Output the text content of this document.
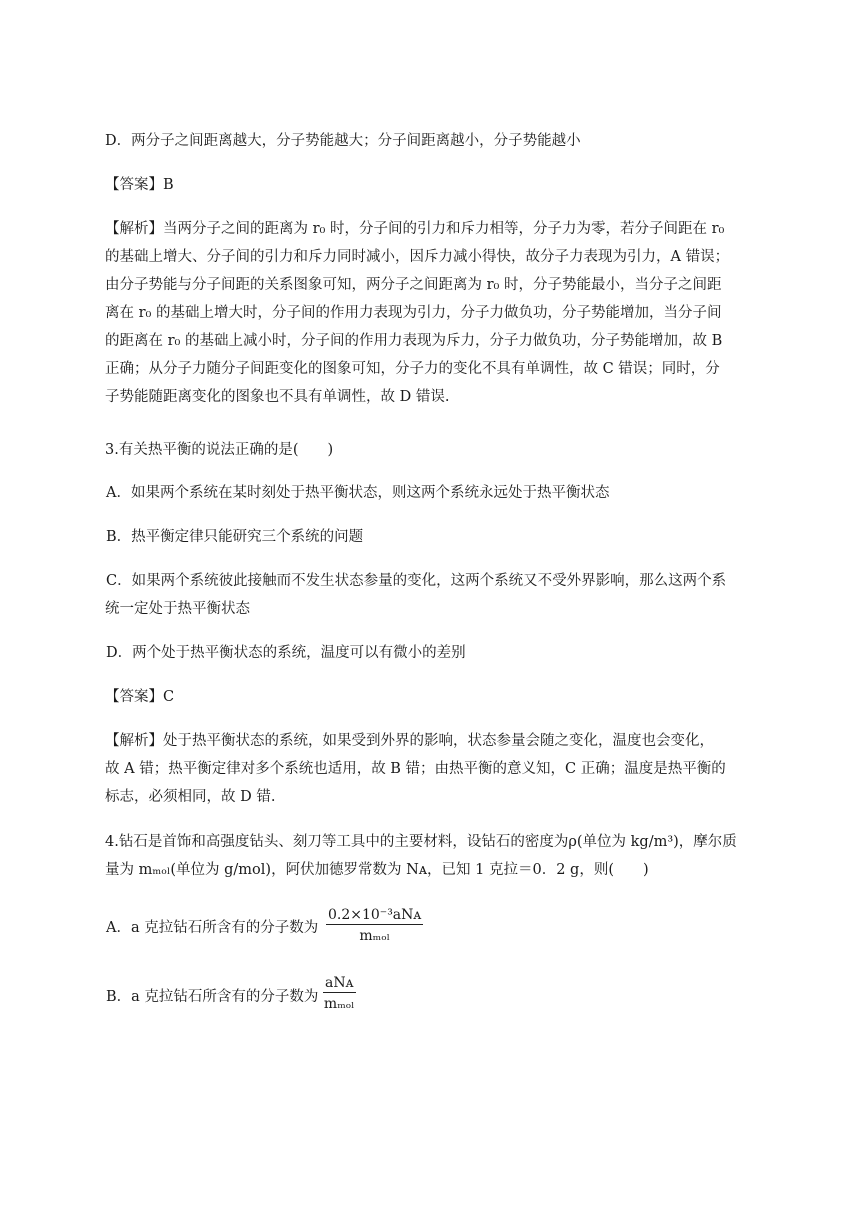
D．两分子之间距离越大，分子势能越大；分子间距离越小，分子势能越小
【答案】B
【解析】当两分子之间的距离为 r₀ 时，分子间的引力和斥力相等，分子力为零，若分子间距在 r₀
的基础上增大、分子间的引力和斥力同时减小，因斥力减小得快，故分子力表现为引力，A 错误；
由分子势能与分子间距的关系图象可知，两分子之间距离为 r₀ 时，分子势能最小，当分子之间距
离在 r₀ 的基础上增大时，分子间的作用力表现为引力，分子力做负功，分子势能增加，当分子间
的距离在 r₀ 的基础上减小时，分子间的作用力表现为斥力，分子力做负功，分子势能增加，故 B
正确；从分子力随分子间距变化的图象可知，分子力的变化不具有单调性，故 C 错误；同时，分
子势能随距离变化的图象也不具有单调性，故 D 错误.
3.有关热平衡的说法正确的是(　　)
A．如果两个系统在某时刻处于热平衡状态，则这两个系统永远处于热平衡状态
B．热平衡定律只能研究三个系统的问题
C．如果两个系统彼此接触而不发生状态参量的变化，这两个系统又不受外界影响，那么这两个系
统一定处于热平衡状态
D．两个处于热平衡状态的系统，温度可以有微小的差别
【答案】C
【解析】处于热平衡状态的系统，如果受到外界的影响，状态参量会随之变化，温度也会变化，
故 A 错；热平衡定律对多个系统也适用，故 B 错；由热平衡的意义知，C 正确；温度是热平衡的
标志，必须相同，故 D 错.
4.钻石是首饰和高强度钻头、刻刀等工具中的主要材料，设钻石的密度为ρ(单位为 kg/m³)，摩尔质
量为 mₘₒₗ(单位为 g/mol)，阿伏加德罗常数为 Nᴀ，已知 1 克拉＝0．2 g，则(　　)
A．a 克拉钻石所含有的分子数为
0.2×10⁻³aNᴀ
mₘₒₗ
B．a 克拉钻石所含有的分子数为
aNᴀ
mₘₒₗ
